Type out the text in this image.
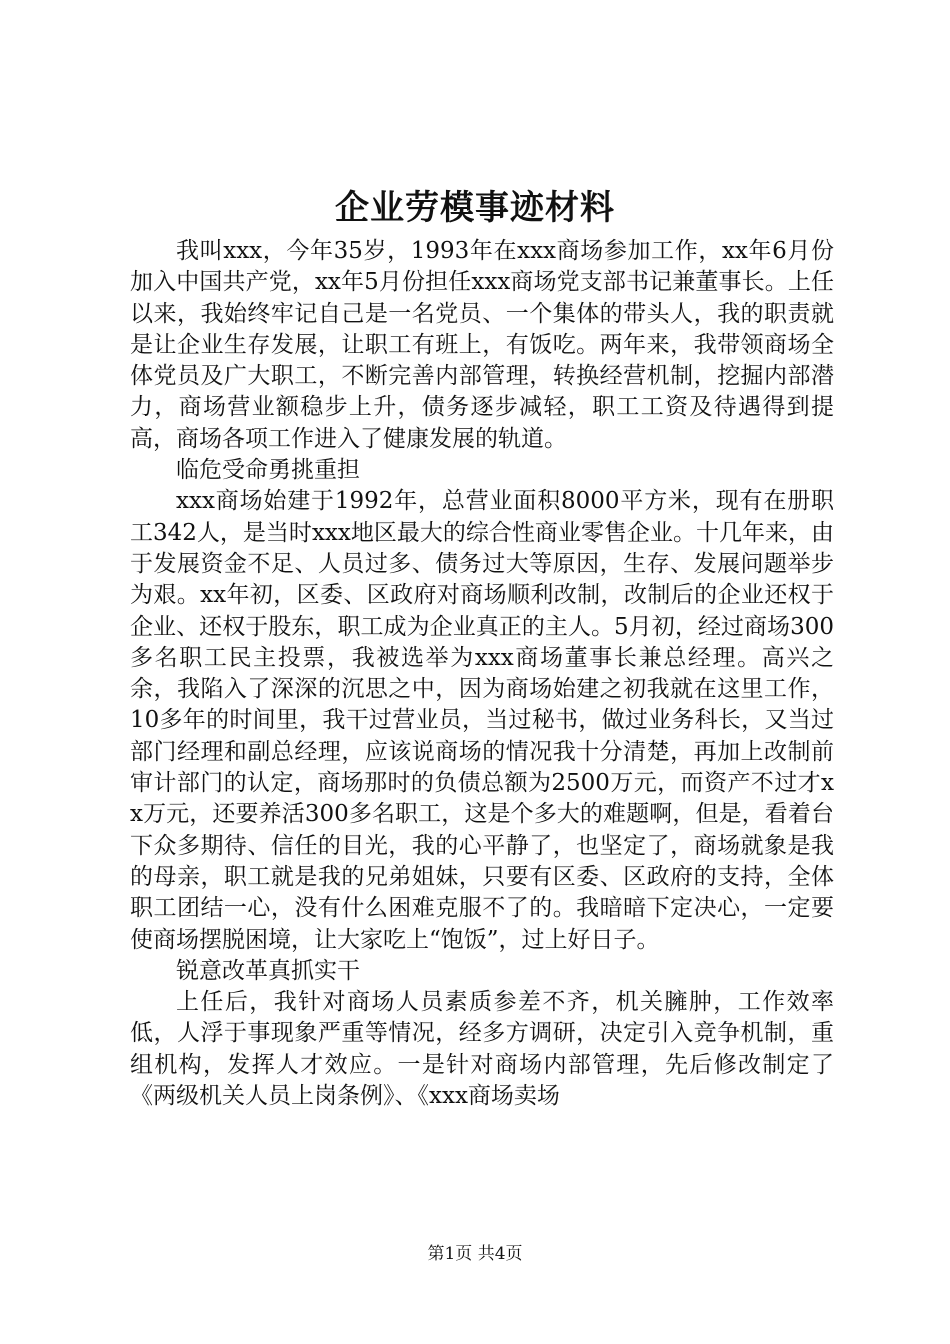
企业劳模事迹材料

我叫xxx，今年35岁，1993年在xxx商场参加工作，xx年6月份加入中国共产党，xx年5月份担任xxx商场党支部书记兼董事长。上任以来，我始终牢记自己是一名党员、一个集体的带头人，我的职责就是让企业生存发展，让职工有班上，有饭吃。两年来，我带领商场全体党员及广大职工，不断完善内部管理，转换经营机制，挖掘内部潜力，商场营业额稳步上升，债务逐步减轻，职工工资及待遇得到提高，商场各项工作进入了健康发展的轨道。

临危受命勇挑重担

xxx商场始建于1992年，总营业面积8000平方米，现有在册职工342人，是当时xxx地区最大的综合性商业零售企业。十几年来，由于发展资金不足、人员过多、债务过大等原因，生存、发展问题举步为艰。xx年初，区委、区政府对商场顺利改制，改制后的企业还权于企业、还权于股东，职工成为企业真正的主人。5月初，经过商场300多名职工民主投票，我被选举为xxx商场董事长兼总经理。高兴之余，我陷入了深深的沉思之中，因为商场始建之初我就在这里工作，10多年的时间里，我干过营业员，当过秘书，做过业务科长，又当过部门经理和副总经理，应该说商场的情况我十分清楚，再加上改制前审计部门的认定，商场那时的负债总额为2500万元，而资产不过才xx万元，还要养活300多名职工，这是个多大的难题啊，但是，看着台下众多期待、信任的目光，我的心平静了，也坚定了，商场就象是我的母亲，职工就是我的兄弟姐妹，只要有区委、区政府的支持，全体职工团结一心，没有什么困难克服不了的。我暗暗下定决心，一定要使商场摆脱困境，让大家吃上“饱饭”，过上好日子。

锐意改革真抓实干

上任后，我针对商场人员素质参差不齐，机关臃肿，工作效率低，人浮于事现象严重等情况，经多方调研，决定引入竞争机制，重组机构，发挥人才效应。一是针对商场内部管理，先后修改制定了《两级机关人员上岗条例》、《xxx商场卖场

第1页 共4页
